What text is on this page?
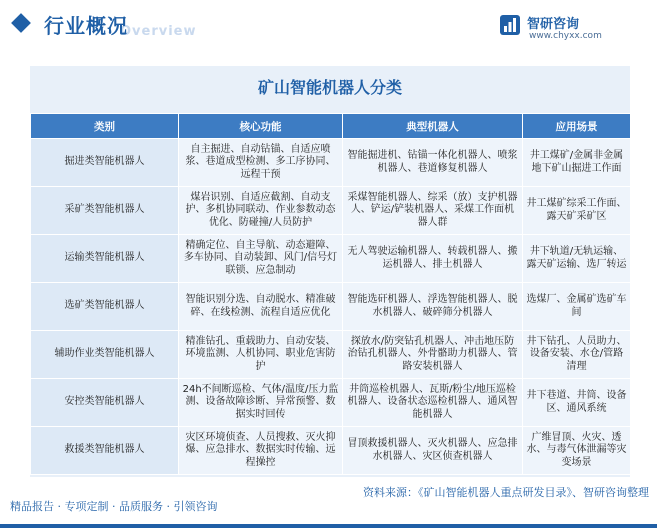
Overview
行业概况	智研咨询
www.chyxx.com
矿山智能机器人分类
类别	核心功能	典型机器人	应用场景
掘进类智能机器人	自主掘进、自动钻锚、自适应喷浆、巷道成型检测、多工序协同、远程干预	智能掘进机、钻锚一体化机器人、喷浆机器人、巷道修复机器人	井工煤矿/金属非金属地下矿山掘进工作面
采矿类智能机器人	煤岩识别、自适应截割、自动支护、多机协同联动、作业参数动态优化、防碰撞/人员防护	采煤智能机器人、综采（放）支护机器人、铲运/铲装机器人、采煤工作面机器人群	井工煤矿综采工作面、露天矿采矿区
运输类智能机器人	精确定位、自主导航、动态避障、多车协同、自动装卸、风门/信号灯联锁、应急制动	无人驾驶运输机器人、转载机器人、搬运机器人、排土机器人	井下轨道/无轨运输、露天矿运输、选厂转运
选矿类智能机器人	智能识别分选、自动脱水、精准破碎、在线检测、流程自适应优化	智能选矸机器人、浮选智能机器人、脱水机器人、破碎筛分机器人	选煤厂、金属矿选矿车间
辅助作业类智能机器人	精准钻孔、重载助力、自动安装、环境监测、人机协同、职业危害防护	探放水/防突钻孔机器人、冲击地压防治钻孔机器人、外骨骼助力机器人、管路安装机器人	井下钻孔、人员助力、设备安装、水仓/管路清理
安控类智能机器人	24h不间断巡检、气体/温度/压力监测、设备故障诊断、异常预警、数据实时回传	井筒巡检机器人、瓦斯/粉尘/地压巡检机器人、设备状态巡检机器人、通风智能机器人	井下巷道、井筒、设备区、通风系统
救援类智能机器人	灾区环境侦查、人员搜救、灭火抑爆、应急排水、数据实时传输、远程操控	冒顶救援机器人、灭火机器人、应急排水机器人、灾区侦查机器人	广维冒顶、火灾、透水、与毒气体泄漏等灾变场景
资料来源：《矿山智能机器人重点研发目录》、智研咨询整理
精品报告 · 专项定制 · 品质服务 · 引领咨询
